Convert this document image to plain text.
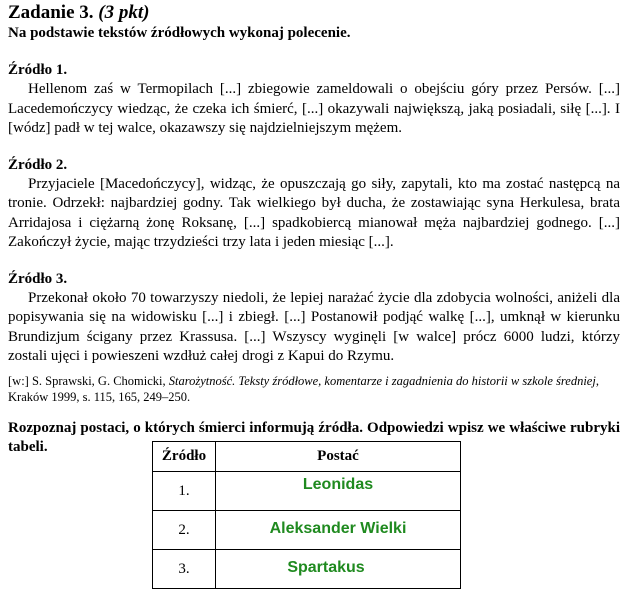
Zadanie 3. (3 pkt)

Na podstawie tekstów źródłowych wykonaj polecenie.

Źródło 1.

Hellenom zaś w Termopilach [...] zbiegowie zameldowali o obejściu góry przez Persów. [...] Lacedemończycy wiedząc, że czeka ich śmierć, [...] okazywali największą, jaką posiadali, siłę [...]. I [wódz] padł w tej walce, okazawszy się najdzielniejszym mężem.

Źródło 2.

Przyjaciele [Macedończycy], widząc, że opuszczają go siły, zapytali, kto ma zostać następcą na tronie. Odrzekł: najbardziej godny. Tak wielkiego był ducha, że zostawiając syna Herkulesa, brata Arridajosa i ciężarną żonę Roksanę, [...] spadkobiercą mianował męża najbardziej godnego. [...] Zakończył życie, mając trzydzieści trzy lata i jeden miesiąc [...].

Źródło 3.

Przekonał około 70 towarzyszy niedoli, że lepiej narażać życie dla zdobycia wolności, aniżeli dla popisywania się na widowisku [...] i zbiegł. [...] Postanowił podjąć walkę [...], umknął w kierunku Brundizjum ścigany przez Krassusa. [...] Wszyscy wyginęli [w walce] prócz 6000 ludzi, którzy zostali ujęci i powieszeni wzdłuż całej drogi z Kapui do Rzymu.

[w:] S. Sprawski, G. Chomicki, Starożytność. Teksty źródłowe, komentarze i zagadnienia do historii w szkole średniej, Kraków 1999, s. 115, 165, 249–250.

Rozpoznaj postaci, o których śmierci informują źródła. Odpowiedzi wpisz we właściwe rubryki tabeli.

Źródło	Postać
1.	Leonidas
2.	Aleksander Wielki
3.	Spartakus
